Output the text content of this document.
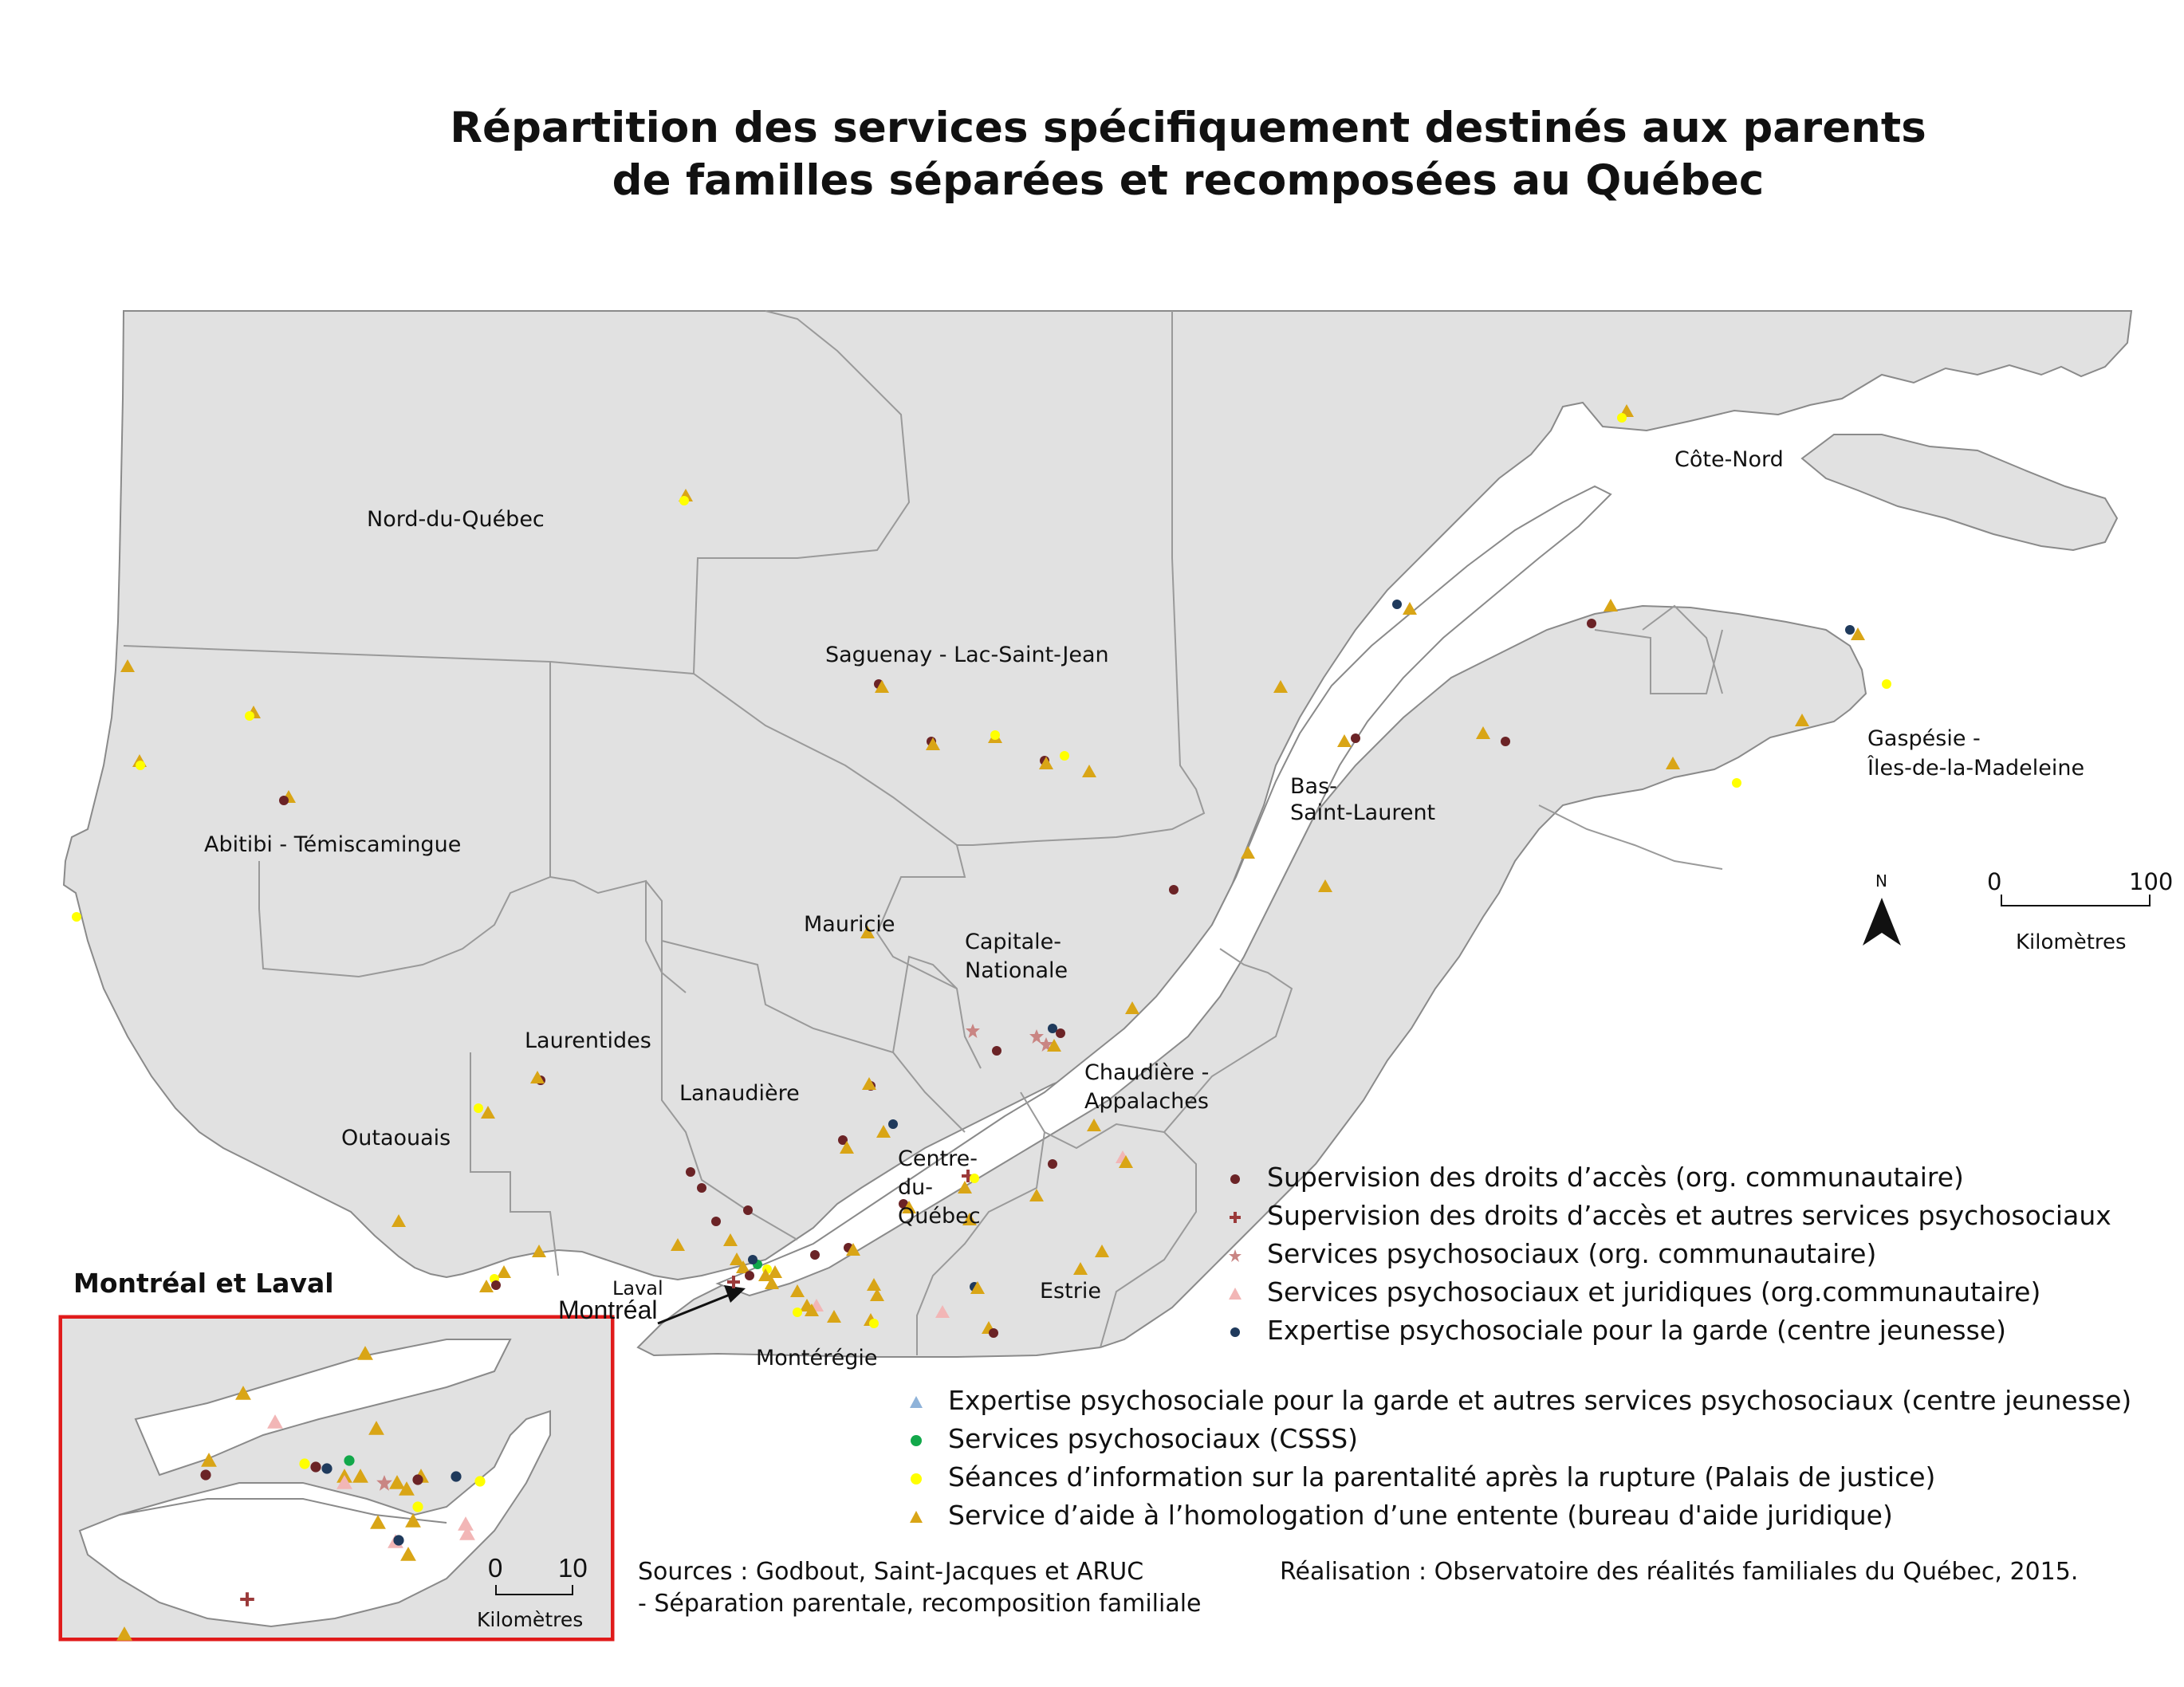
Répartition des services spécifiquement destinés aux parents
de familles séparées et recomposées au Québec
Nord-du-Québec
Saguenay - Lac-Saint-Jean
Côte-Nord
Abitibi - Témiscamingue
Bas-
Saint-Laurent
Gaspésie -
Îles-de-la-Madeleine
Mauricie
Capitale-
Nationale
Laurentides
Lanaudière
Outaouais
Chaudière -
Appalaches
Centre-
du-
Québec
Laval
Montréal
Estrie
Montérégie
0	100
Kilomètres
N
0 10
Kilomètres
Montréal et Laval
Supervision des droits d’accès (org. communautaire)
Supervision des droits d’accès et autres services psychosociaux
Services psychosociaux (org. communautaire)
Services psychosociaux et juridiques (org.communautaire)
Expertise psychosociale pour la garde (centre jeunesse)
Expertise psychosociale pour la garde et autres services psychosociaux (centre jeunesse)
Services psychosociaux (CSSS)
Séances d’information sur la parentalité après la rupture (Palais de justice)
Service d’aide à l’homologation d’une entente (bureau d'aide juridique)
Sources : Godbout, Saint-Jacques et ARUC
- Séparation parentale, recomposition familiale
Réalisation : Observatoire des réalités familiales du Québec, 2015.
